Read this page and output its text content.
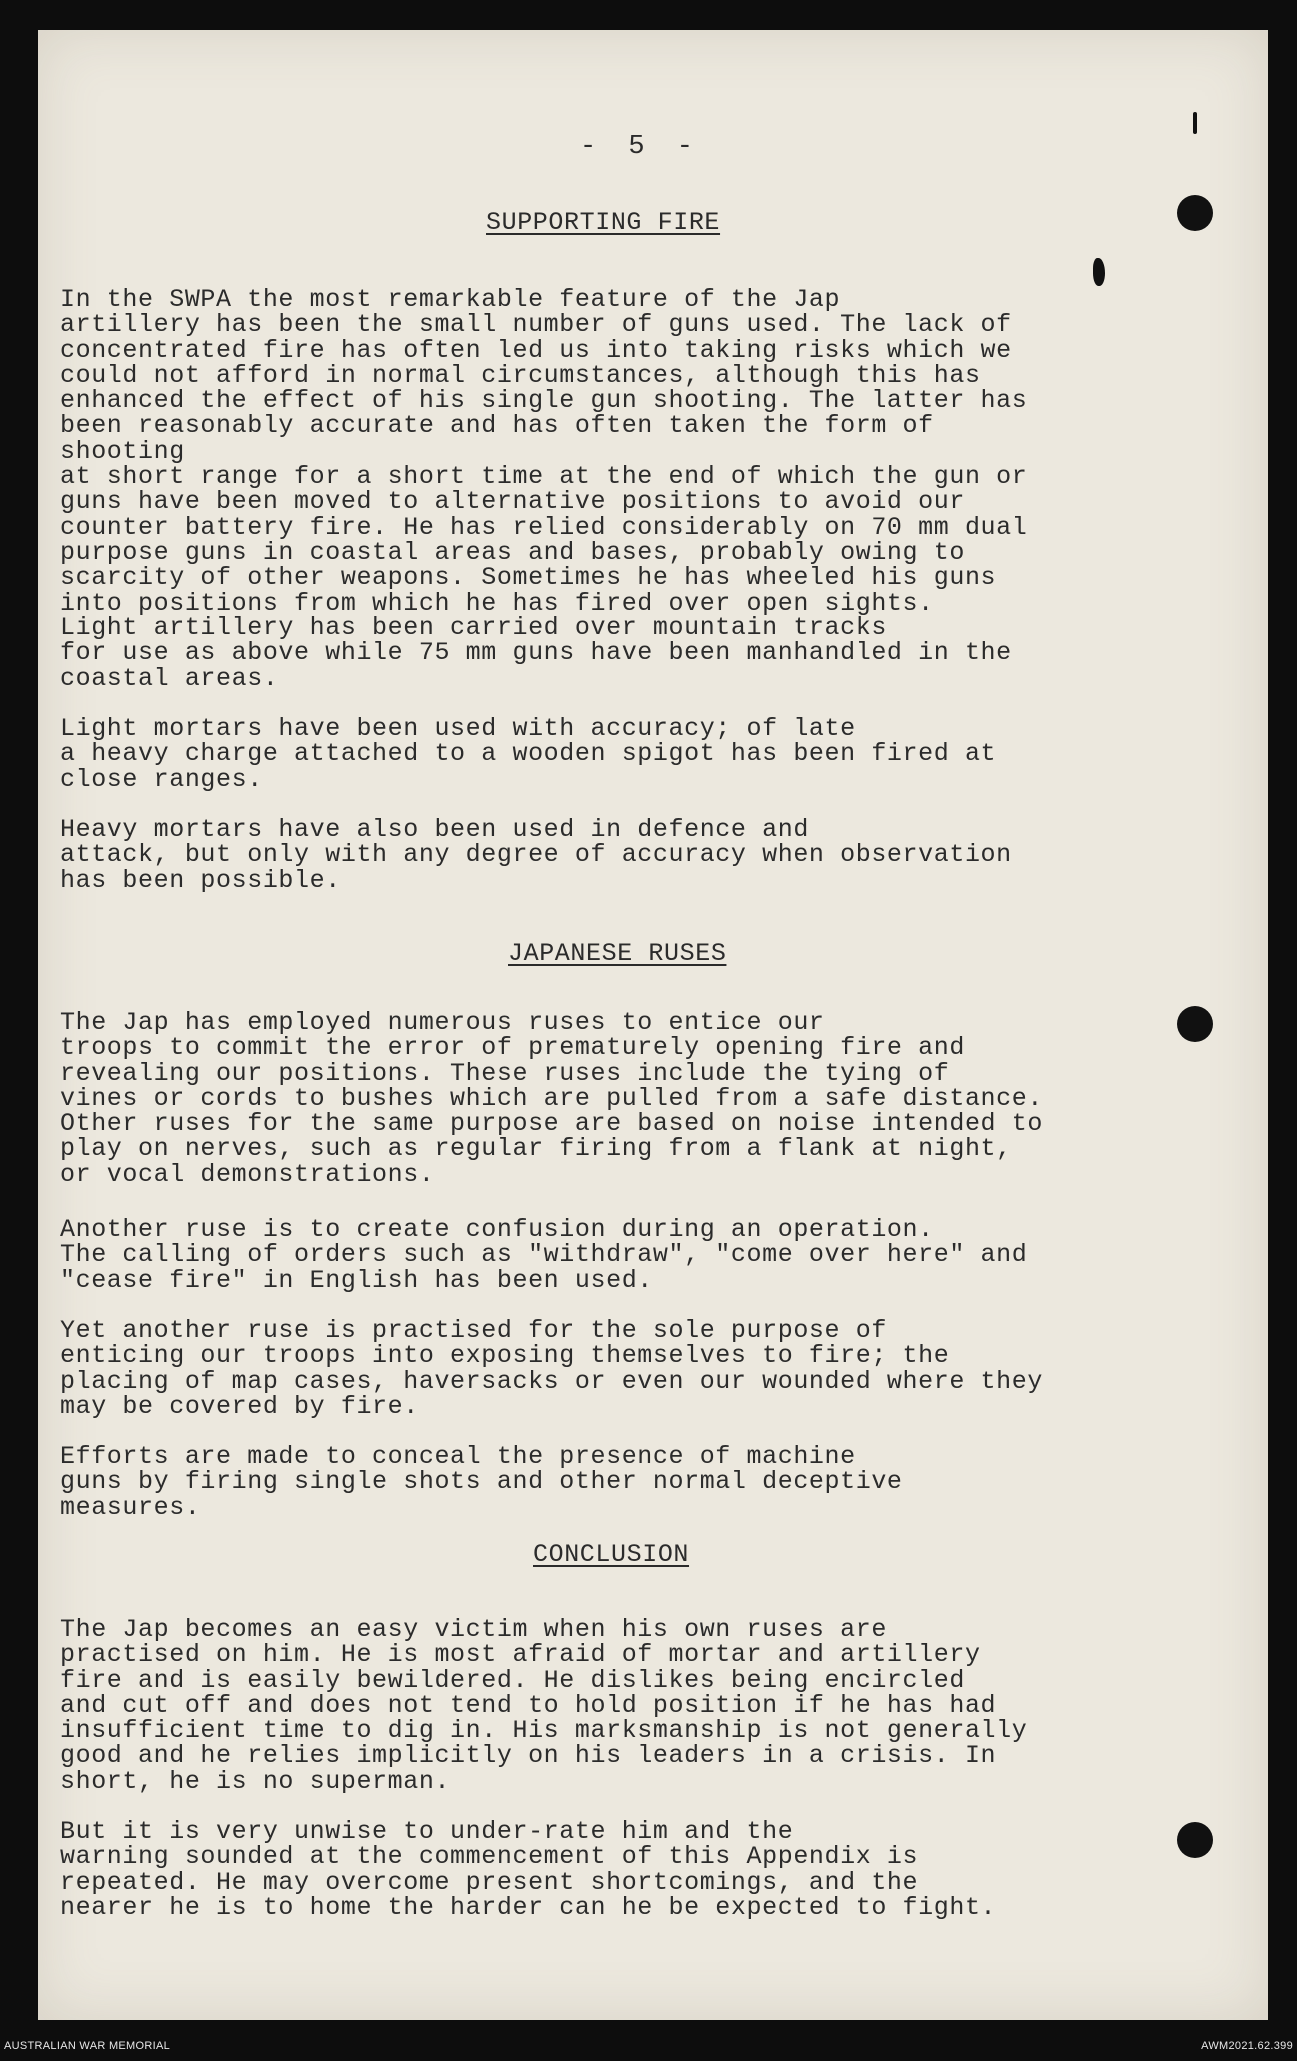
- 5 -
SUPPORTING FIRE
In the SWPA the most remarkable feature of the Jap
artillery has been the small number of guns used. The lack of
concentrated fire has often led us into taking risks which we
could not afford in normal circumstances, although this has
enhanced the effect of his single gun shooting. The latter has
been reasonably accurate and has often taken the form of shooting
at short range for a short time at the end of which the gun or
guns have been moved to alternative positions to avoid our
counter battery fire. He has relied considerably on 70 mm dual
purpose guns in coastal areas and bases, probably owing to
scarcity of other weapons. Sometimes he has wheeled his guns
into positions from which he has fired over open sights.
Light artillery has been carried over mountain tracks
for use as above while 75 mm guns have been manhandled in the
coastal areas.
Light mortars have been used with accuracy; of late
a heavy charge attached to a wooden spigot has been fired at
close ranges.
Heavy mortars have also been used in defence and
attack, but only with any degree of accuracy when observation
has been possible.
JAPANESE RUSES
The Jap has employed numerous ruses to entice our
troops to commit the error of prematurely opening fire and
revealing our positions. These ruses include the tying of
vines or cords to bushes which are pulled from a safe distance.
Other ruses for the same purpose are based on noise intended to
play on nerves, such as regular firing from a flank at night,
or vocal demonstrations.
Another ruse is to create confusion during an operation.
The calling of orders such as "withdraw", "come over here" and
"cease fire" in English has been used.
Yet another ruse is practised for the sole purpose of
enticing our troops into exposing themselves to fire; the
placing of map cases, haversacks or even our wounded where they
may be covered by fire.
Efforts are made to conceal the presence of machine
guns by firing single shots and other normal deceptive measures.
CONCLUSION
The Jap becomes an easy victim when his own ruses are
practised on him. He is most afraid of mortar and artillery
fire and is easily bewildered. He dislikes being encircled
and cut off and does not tend to hold position if he has had
insufficient time to dig in. His marksmanship is not generally
good and he relies implicitly on his leaders in a crisis. In
short, he is no superman.
But it is very unwise to under-rate him and the
warning sounded at the commencement of this Appendix is
repeated. He may overcome present shortcomings, and the
nearer he is to home the harder can he be expected to fight.
AUSTRALIAN WAR MEMORIAL	AWM2021.62.399
